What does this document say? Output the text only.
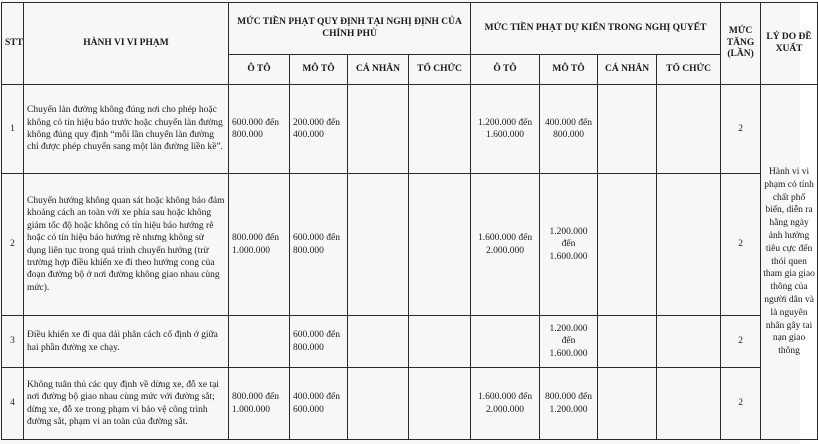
STT	HÀNH VI VI PHẠM	MỨC TIỀN PHẠT QUY ĐỊNH TẠI NGHỊ ĐỊNH CỦA CHÍNH PHỦ				MỨC TIỀN PHẠT DỰ KIẾN TRONG NGHỊ QUYẾT				MỨC TĂNG (LẦN)	LÝ DO ĐỀ XUẤT
		Ô TÔ	MÔ TÔ	CÁ NHÂN	TỔ CHỨC	Ô TÔ	MÔ TÔ	CÁ NHÂN	TỔ CHỨC		
1	Chuyển làn đường không đúng nơi cho phép hoặc không có tín hiệu báo trước hoặc chuyển làn đường không đúng quy định “mỗi lần chuyển làn đường chỉ được phép chuyển sang một làn đường liền kề”.	600.000 đến 800.000	200.000 đến 400.000			1.200.000 đến 1.600.000	400.000 đến 800.000			2	Hành vi vi phạm có tính chất phổ biến, diễn ra hằng ngày ảnh hưởng tiêu cực đến thói quen tham gia giao thông của người dân và là nguyên nhân gây tai nạn giao thông
2	Chuyển hướng không quan sát hoặc không bảo đảm khoảng cách an toàn với xe phía sau hoặc không giảm tốc độ hoặc không có tín hiệu báo hướng rẽ hoặc có tín hiệu báo hướng rẽ nhưng không sử dụng liên tục trong quá trình chuyển hướng (trừ trường hợp điều khiển xe đi theo hướng cong của đoạn đường bộ ở nơi đường không giao nhau cùng mức).	800.000 đến 1.000.000	600.000 đến 800.000			1.600.000 đến 2.000.000	1.200.000 đến 1.600.000			2	
3	Điều khiển xe đi qua dải phân cách cố định ở giữa hai phần đường xe chạy.		600.000 đến 800.000				1.200.000 đến 1.600.000			2	
4	Không tuân thủ các quy định về dừng xe, đỗ xe tại nơi đường bộ giao nhau cùng mức với đường sắt; dừng xe, đỗ xe trong phạm vi bảo vệ công trình đường sắt, phạm vi an toàn của đường sắt.	800.000 đến 1.000.000	400.000 đến 600.000			1.600.000 đến 2.000.000	800.000 đến 1.200.000			2	
